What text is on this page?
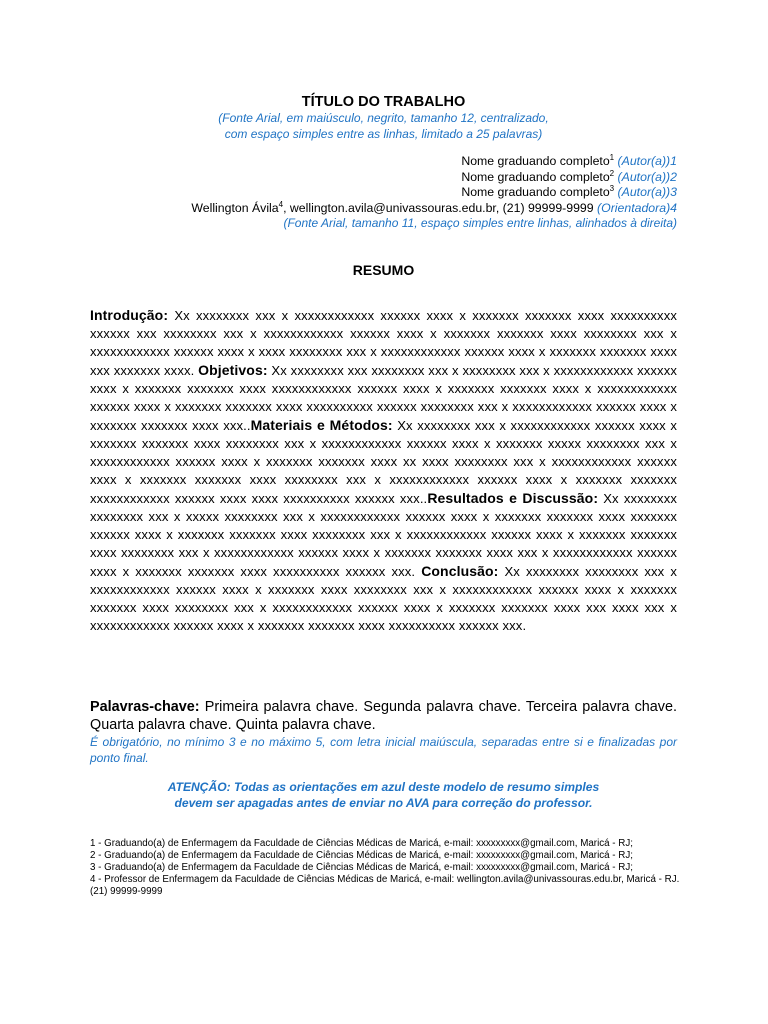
TÍTULO DO TRABALHO
(Fonte Arial, em maiúsculo, negrito, tamanho 12, centralizado,
com espaço simples entre as linhas, limitado a 25 palavras)
Nome graduando completo$^1$ (Autor(a))1
Nome graduando completo$^2$ (Autor(a))2
Nome graduando completo$^3$ (Autor(a))3
Wellington Ávila$^4$, wellington.avila@univassouras.edu.br, (21) 99999-9999 (Orientadora)4
(Fonte Arial, tamanho 11, espaço simples entre linhas, alinhados à direita)
RESUMO
Introdução: Xx xxxxxxxx xxx x xxxxxxxxxxxx xxxxxx xxxx x xxxxxxx xxxxxxx xxxx xxxxxxxxxx xxxxxx xxx xxxxxxxx xxx x xxxxxxxxxxxx xxxxxx xxxx x xxxxxxx xxxxxxx xxxx xxxxxxxx xxx x xxxxxxxxxxxx xxxxxx xxxx x xxxx xxxxxxxx xxx x xxxxxxxxxxxx xxxxxx xxxx x xxxxxxx xxxxxxx xxxx xxx xxxxxxx xxxx. Objetivos: Xx xxxxxxxx xxx xxxxxxxx xxx x xxxxxxxx xxx x xxxxxxxxxxxx xxxxxx xxxx x xxxxxxx xxxxxxx xxxx xxxxxxxxxxxx xxxxxx xxxx x xxxxxxx xxxxxxx xxxx x xxxxxxxxxxxx xxxxxx xxxx x xxxxxxx xxxxxxx xxxx xxxxxxxxxx xxxxxx xxxxxxxx xxx x xxxxxxxxxxxx xxxxxx xxxx x xxxxxxx xxxxxxx xxxx xxx..Materiais e Métodos: Xx xxxxxxxx xxx x xxxxxxxxxxxx xxxxxx xxxx x xxxxxxx xxxxxxx xxxx xxxxxxxx xxx x xxxxxxxxxxxx xxxxxx xxxx x xxxxxxx xxxxx xxxxxxxx xxx x xxxxxxxxxxxx xxxxxx xxxx x xxxxxxx xxxxxxx xxxx xx xxxx xxxxxxxx xxx x xxxxxxxxxxxx xxxxxx xxxx x xxxxxxx xxxxxxx xxxx xxxxxxxx xxx x xxxxxxxxxxxx xxxxxx xxxx x xxxxxxx xxxxxxx xxxxxxxxxxxx xxxxxx xxxx xxxx xxxxxxxxxx xxxxxx xxx..Resultados e Discussão: Xx xxxxxxxx xxxxxxxx xxx x xxxxx xxxxxxxx xxx x xxxxxxxxxxxx xxxxxx xxxx x xxxxxxx xxxxxxx xxxx xxxxxxx xxxxxx xxxx x xxxxxxx xxxxxxx xxxx xxxxxxxx xxx x xxxxxxxxxxxx xxxxxx xxxx x xxxxxxx xxxxxxx xxxx xxxxxxxx xxx x xxxxxxxxxxxx xxxxxx xxxx x xxxxxxx xxxxxxx xxxx xxx x xxxxxxxxxxxx xxxxxx xxxx x xxxxxxx xxxxxxx xxxx xxxxxxxxxx xxxxxx xxx. Conclusão: Xx xxxxxxxx xxxxxxxx xxx x xxxxxxxxxxxx xxxxxx xxxx x xxxxxxx xxxx xxxxxxxx xxx x xxxxxxxxxxxx xxxxxx xxxx x xxxxxxx xxxxxxx xxxx xxxxxxxx xxx x xxxxxxxxxxxx xxxxxx xxxx x xxxxxxx xxxxxxx xxxx xxx xxxx xxx x xxxxxxxxxxxx xxxxxx xxxx x xxxxxxx xxxxxxx xxxx xxxxxxxxxx xxxxxx xxx.
Palavras-chave: Primeira palavra chave. Segunda palavra chave. Terceira palavra chave. Quarta palavra chave. Quinta palavra chave.
É obrigatório, no mínimo 3 e no máximo 5, com letra inicial maiúscula, separadas entre si e finalizadas por ponto final.
ATENÇÃO: Todas as orientações em azul deste modelo de resumo simples
devem ser apagadas antes de enviar no AVA para correção do professor.
1 - Graduando(a) de Enfermagem da Faculdade de Ciências Médicas de Maricá, e-mail: xxxxxxxxx@gmail.com, Maricá - RJ;
2 - Graduando(a) de Enfermagem da Faculdade de Ciências Médicas de Maricá, e-mail: xxxxxxxxx@gmail.com, Maricá - RJ;
3 - Graduando(a) de Enfermagem da Faculdade de Ciências Médicas de Maricá, e-mail: xxxxxxxxx@gmail.com, Maricá - RJ;
4 - Professor de Enfermagem da Faculdade de Ciências Médicas de Maricá, e-mail: wellington.avila@univassouras.edu.br, Maricá - RJ. (21) 99999-9999
